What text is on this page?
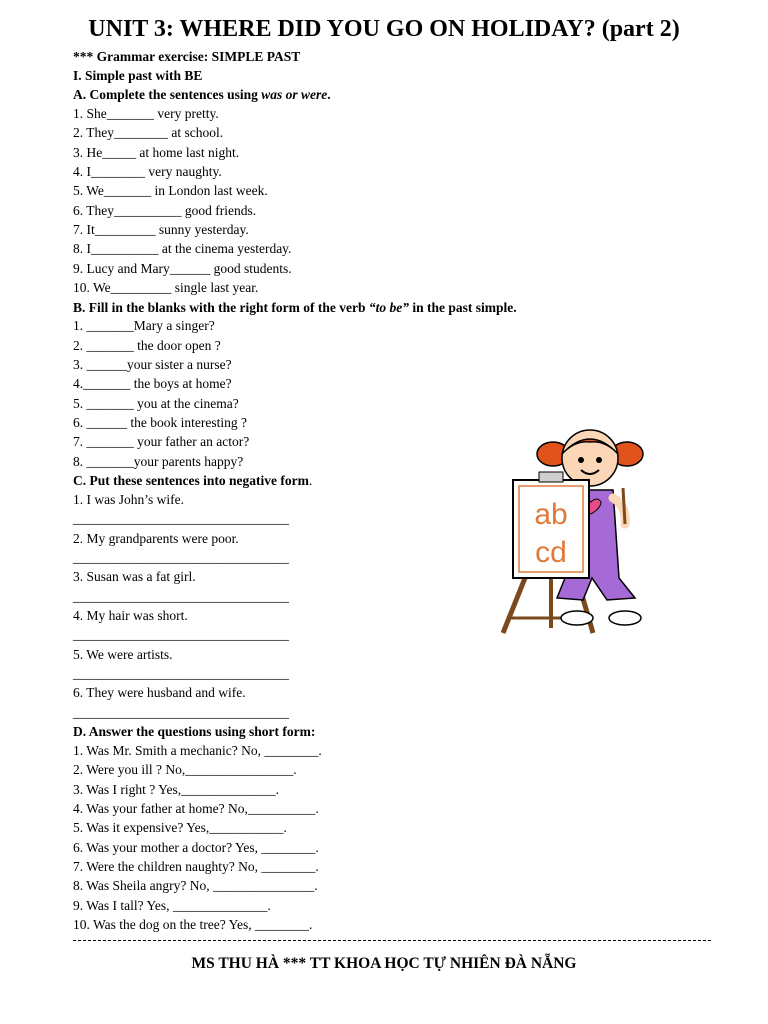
UNIT 3: WHERE DID YOU GO ON HOLIDAY? (part 2)
*** Grammar exercise: SIMPLE PAST
I. Simple past with BE
A. Complete the sentences using was or were.
1. She_______ very pretty.
2. They________ at school.
3. He_____ at home last night.
4. I________ very naughty.
5. We_______ in London last week.
6. They__________ good friends.
7. It_________ sunny yesterday.
8. I__________ at the cinema yesterday.
9. Lucy and Mary______ good students.
10. We_________ single last year.
B. Fill in the blanks with the right form of the verb “to be” in the past simple.
1. _______Mary a singer?
2. _______ the door open ?
3. ______your sister a nurse?
4._______ the boys at home?
5. _______ you at the cinema?
6. ______ the book interesting ?
7. _______ your father an actor?
8. _______your parents happy?
C. Put these sentences into negative form.
1. I was John’s wife.
________________________________
2. My grandparents were poor.
________________________________
3. Susan was a fat girl.
________________________________
4. My hair was short.
________________________________
5. We were artists.
________________________________
6. They were husband and wife.
________________________________
D. Answer the questions using short form:
1. Was Mr. Smith a mechanic? No, ________.
2. Were you ill ? No,________________.
3. Was I right ? Yes,______________.
4. Was your father at home? No,__________.
5. Was it expensive? Yes,___________.
6. Was your mother a doctor? Yes, ________.
7. Were the children naughty? No, ________.
8. Was Sheila angry? No, _______________.
9. Was I tall? Yes, ______________.
10. Was the dog on the tree? Yes, ________.
MS THU HÀ *** TT KHOA HỌC TỰ NHIÊN ĐÀ NẴNG
ab
cd
